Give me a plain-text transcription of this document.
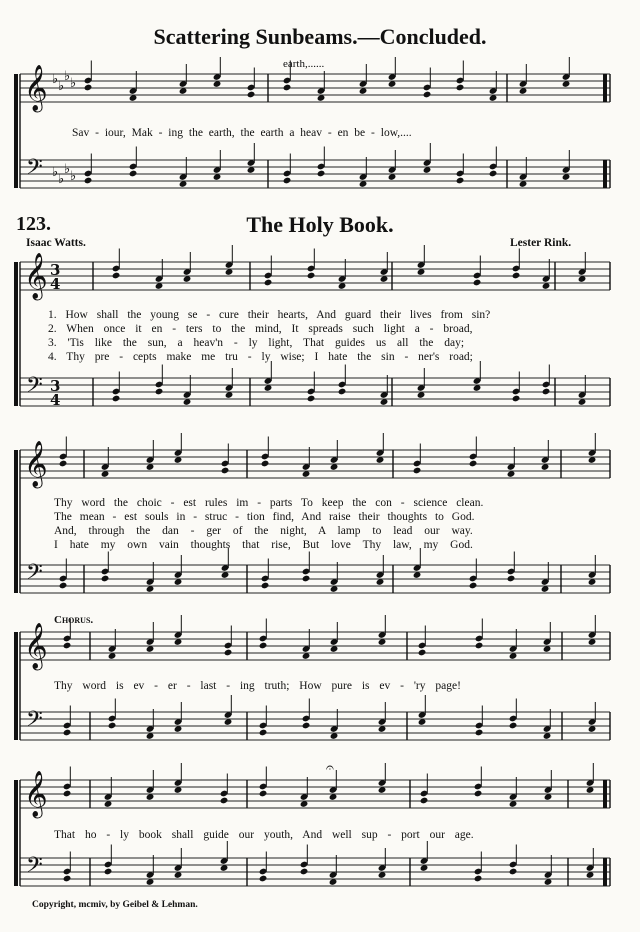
Scattering Sunbeams.—Concluded.
earth,......
Sav - iour, Mak - ing the earth, the earth a heav - en be - low,....
123.	The Holy Book.
Isaac Watts.	Lester Rink.
1. How shall the young se - cure their hearts, And guard their lives from sin?
2. When once it en - ters to the mind, It spreads such light a - broad,
3. 'Tis like the sun, a heav'n - ly light, That guides us all the day;
4. Thy pre - cepts make me tru - ly wise; I hate the sin - ner's road;
Thy word the choic - est rules im - parts To keep the con - science clean.
The mean - est souls in - struc - tion find, And raise their thoughts to God.
And, through the dan - ger of the night, A lamp to lead our way.
I hate my own vain thoughts that rise, But love Thy law, my God.
Chorus.
Thy word is ev - er - last - ing truth; How pure is ev - 'ry page!
That ho - ly book shall guide our youth, And well sup - port our age.
Copyright, mcmiv, by Geibel & Lehman.
𝄞
𝄢
♭ ♭
♭ ♭
♭ ♭
♭ ♭
𝄞
𝄢
3
4
3
4
𝄞
𝄢
𝄞
𝄢
𝄞
𝄢
𝄐
